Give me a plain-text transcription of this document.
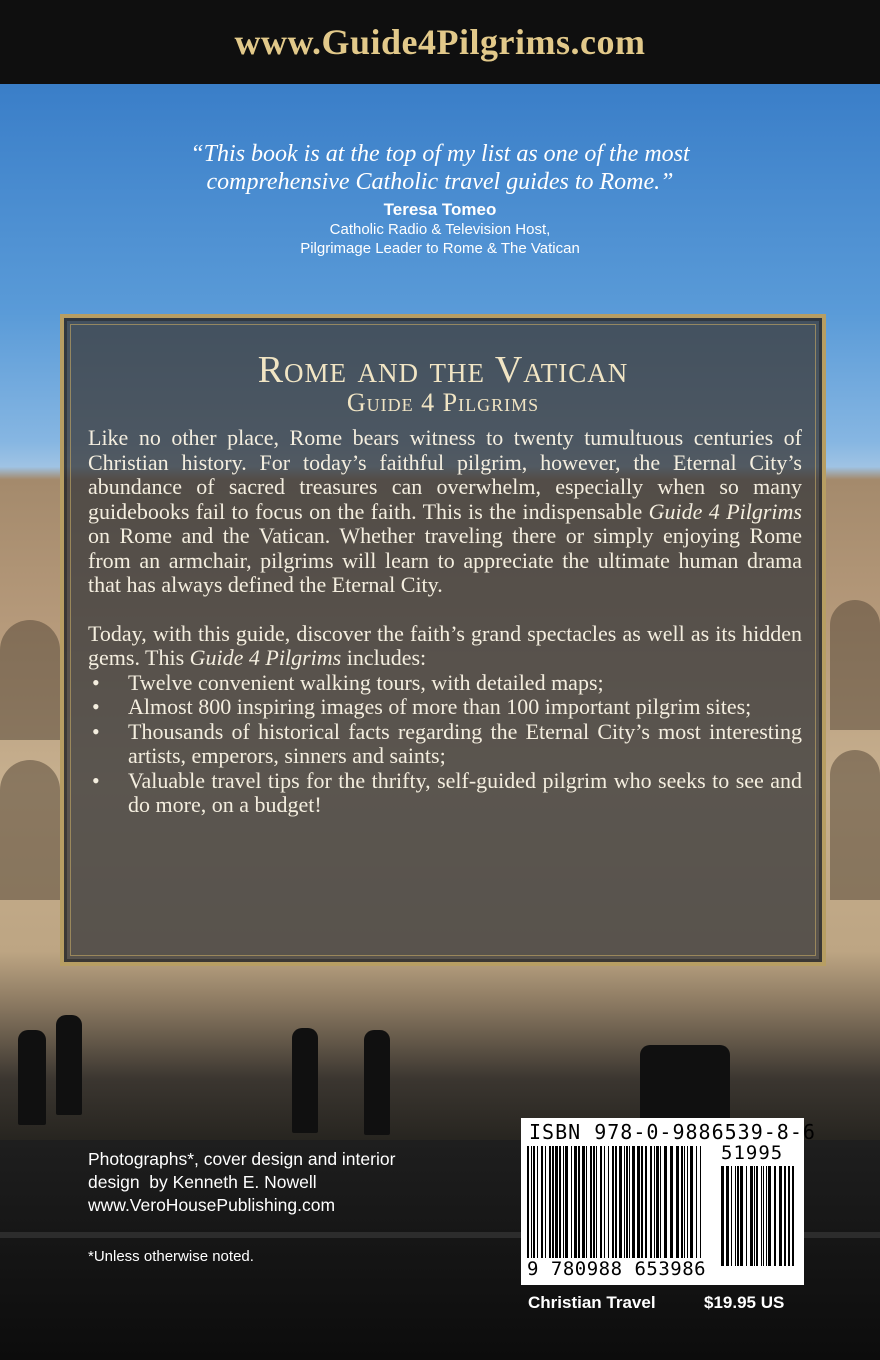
www.Guide4Pilgrims.com
“This book is at the top of my list as one of the most
comprehensive Catholic travel guides to Rome.”
Teresa Tomeo
Catholic Radio & Television Host,
Pilgrimage Leader to Rome & The Vatican
Rome and the Vatican
Guide 4 Pilgrims

Like no other place, Rome bears witness to twenty tumultuous centuries of Christian history. For today’s faithful pilgrim, however, the Eternal City’s abundance of sacred treasures can overwhelm, especially when so many guidebooks fail to focus on the faith. This is the indispensable Guide 4 Pilgrims on Rome and the Vatican. Whether traveling there or simply enjoying Rome from an armchair, pilgrims will learn to appreciate the ultimate human drama that has always defined the Eternal City.

Today, with this guide, discover the faith’s grand spectacles as well as its hidden gems. This Guide 4 Pilgrims includes:

• Twelve convenient walking tours, with detailed maps;
• Almost 800 inspiring images of more than 100 important pilgrim sites;
• Thousands of historical facts regarding the Eternal City’s most interesting artists, emperors, sinners and saints;
• Valuable travel tips for the thrifty, self-guided pilgrim who seeks to see and do more, on a budget!
Photographs*, cover design and interior
design  by Kenneth E. Nowell
www.VeroHousePublishing.com
*Unless otherwise noted.
ISBN 978-0-9886539-8-6
51995
9 780988 653986
Christian Travel	$19.95 US
